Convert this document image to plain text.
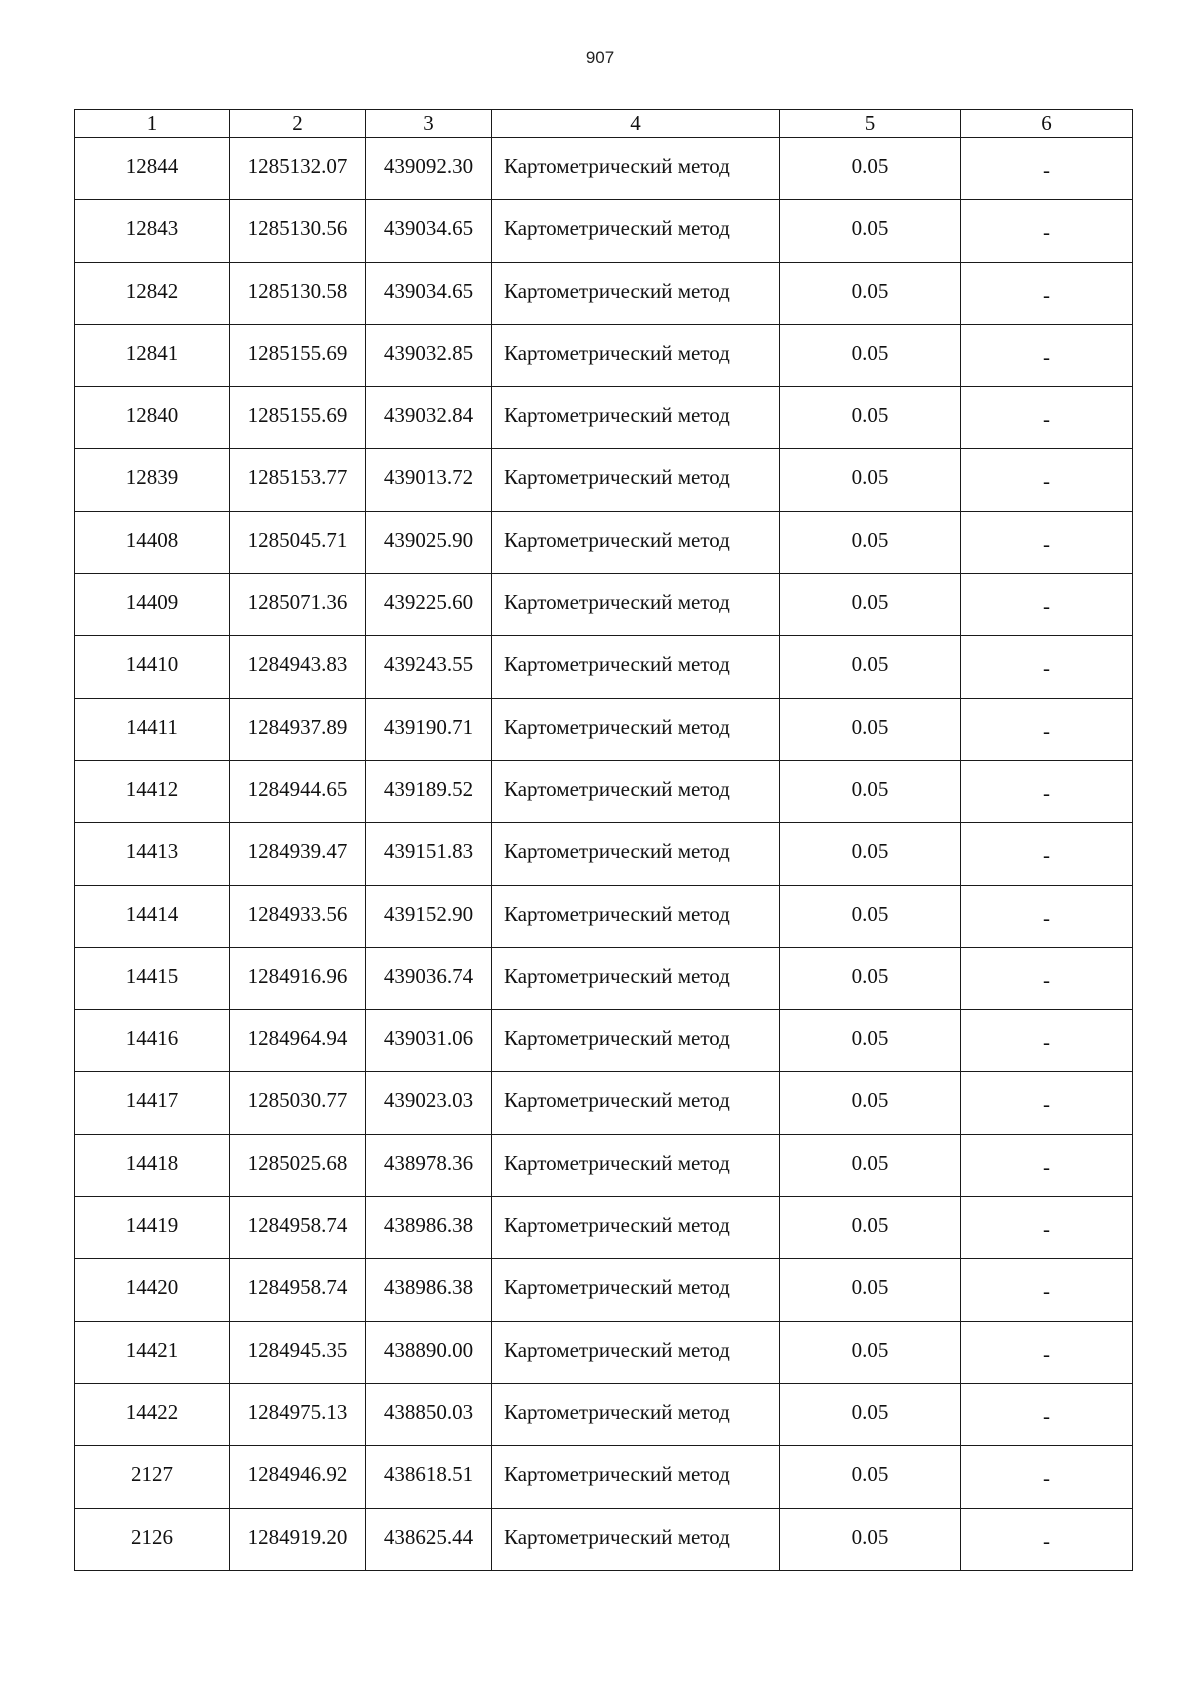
907
1	2	3	4	5	6
12844	1285132.07	439092.30	Картометрический метод	0.05	-
12843	1285130.56	439034.65	Картометрический метод	0.05	-
12842	1285130.58	439034.65	Картометрический метод	0.05	-
12841	1285155.69	439032.85	Картометрический метод	0.05	-
12840	1285155.69	439032.84	Картометрический метод	0.05	-
12839	1285153.77	439013.72	Картометрический метод	0.05	-
14408	1285045.71	439025.90	Картометрический метод	0.05	-
14409	1285071.36	439225.60	Картометрический метод	0.05	-
14410	1284943.83	439243.55	Картометрический метод	0.05	-
14411	1284937.89	439190.71	Картометрический метод	0.05	-
14412	1284944.65	439189.52	Картометрический метод	0.05	-
14413	1284939.47	439151.83	Картометрический метод	0.05	-
14414	1284933.56	439152.90	Картометрический метод	0.05	-
14415	1284916.96	439036.74	Картометрический метод	0.05	-
14416	1284964.94	439031.06	Картометрический метод	0.05	-
14417	1285030.77	439023.03	Картометрический метод	0.05	-
14418	1285025.68	438978.36	Картометрический метод	0.05	-
14419	1284958.74	438986.38	Картометрический метод	0.05	-
14420	1284958.74	438986.38	Картометрический метод	0.05	-
14421	1284945.35	438890.00	Картометрический метод	0.05	-
14422	1284975.13	438850.03	Картометрический метод	0.05	-
2127	1284946.92	438618.51	Картометрический метод	0.05	-
2126	1284919.20	438625.44	Картометрический метод	0.05	-
